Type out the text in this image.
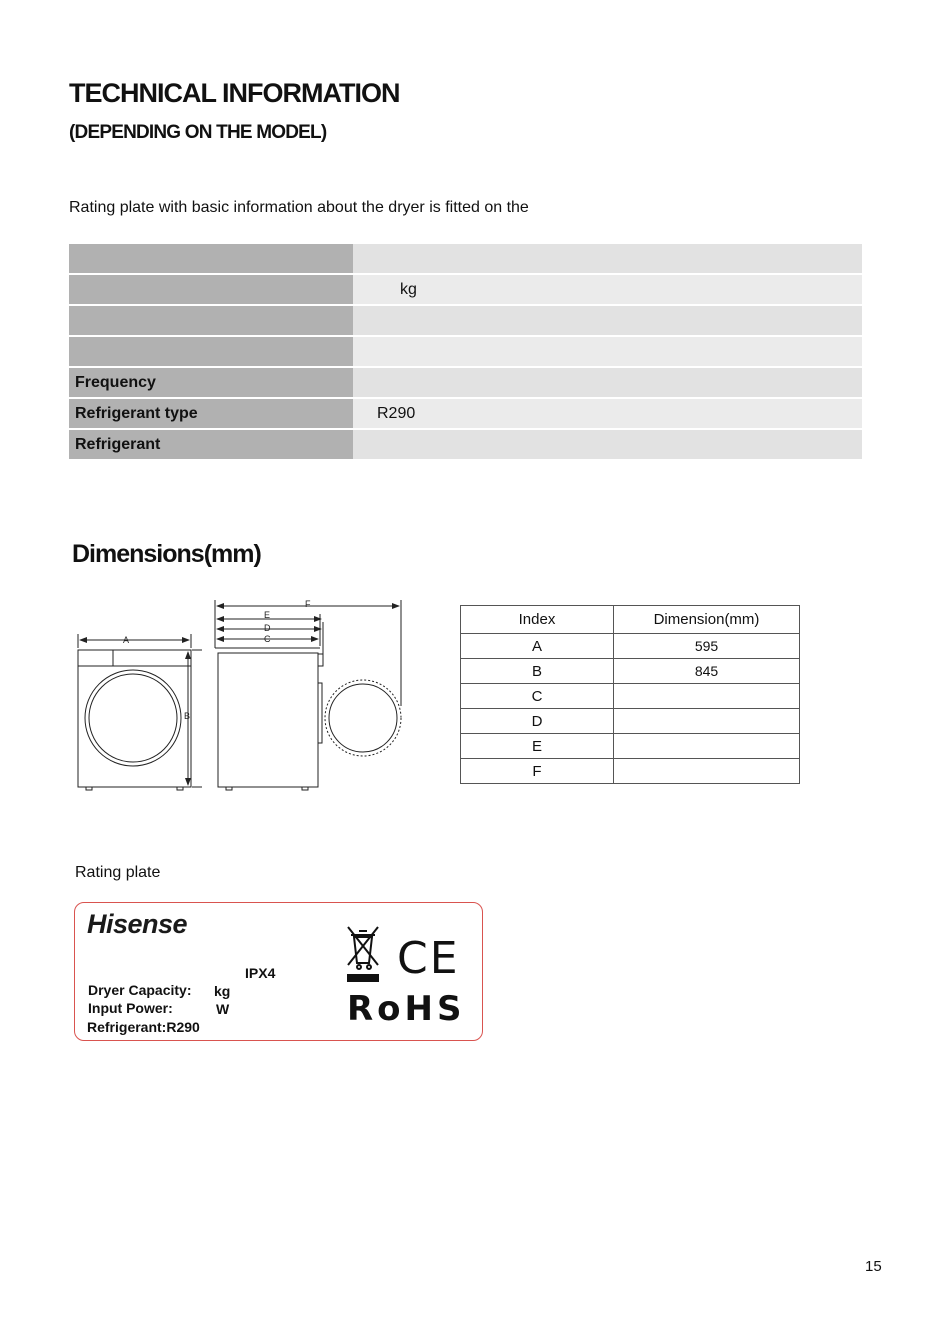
TECHNICAL INFORMATION
(DEPENDING ON THE MODEL)
Rating plate with basic information about the dryer is fitted on the

	kg

Frequency	
Refrigerant type	R290
Refrigerant	
Dimensions(mm)
A
B
C
D
E
F
Index	Dimension(mm)
A	595
B	845
C	
D	
E	
F	
Rating plate
Hisense
IPX4
Dryer Capacity: kg
Input Power:	W
Refrigerant:R290
CE
RoHS
15
